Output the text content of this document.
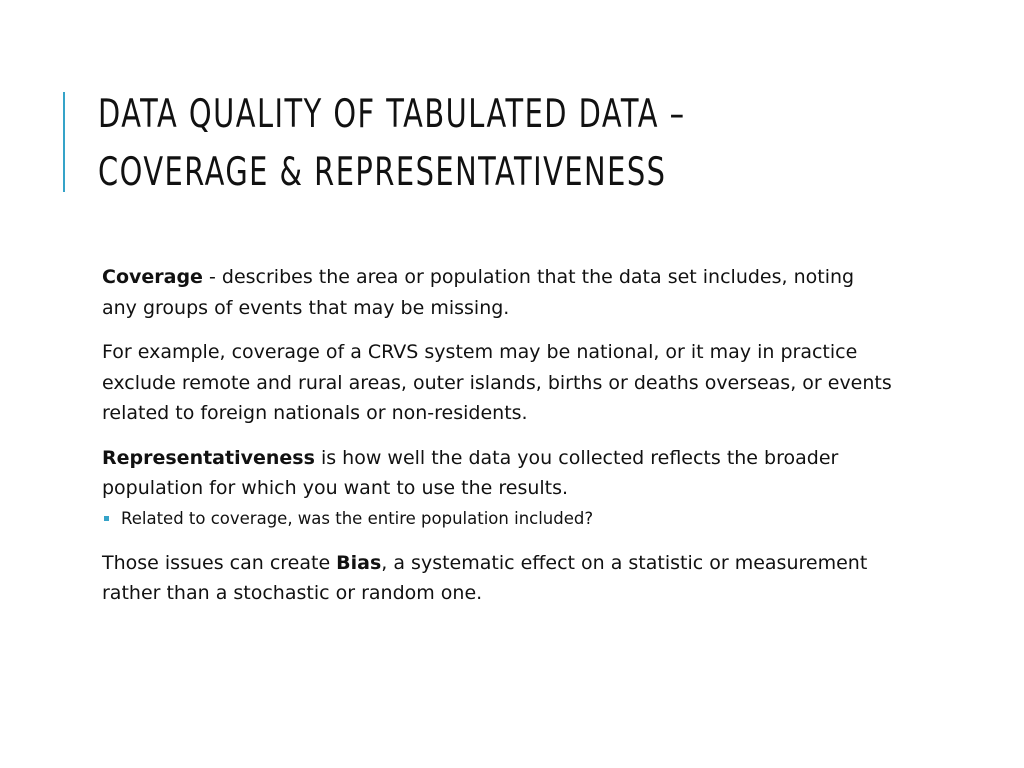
DATA QUALITY OF TABULATED DATA –
COVERAGE & REPRESENTATIVENESS

Coverage - describes the area or population that the data set includes, noting any groups of events that may be missing.

For example, coverage of a CRVS system may be national, or it may in practice exclude remote and rural areas, outer islands, births or deaths overseas, or events related to foreign nationals or non-residents.

Representativeness is how well the data you collected reflects the broader population for which you want to use the results.

Related to coverage, was the entire population included?

Those issues can create Bias, a systematic effect on a statistic or measurement rather than a stochastic or random one.
